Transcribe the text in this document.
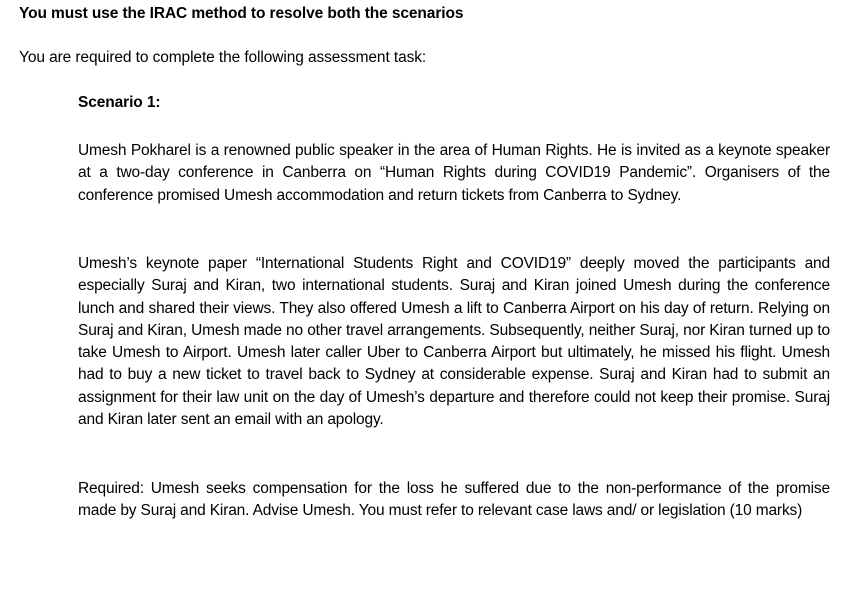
You must use the IRAC method to resolve both the scenarios
You are required to complete the following assessment task:
Scenario 1:

Umesh Pokharel is a renowned public speaker in the area of Human Rights. He is invited as a keynote speaker at a two-day conference in Canberra on “Human Rights during COVID19 Pandemic”. Organisers of the conference promised Umesh accommodation and return tickets from Canberra to Sydney.

Umesh’s keynote paper “International Students Right and COVID19” deeply moved the participants and especially Suraj and Kiran, two international students. Suraj and Kiran joined Umesh during the conference lunch and shared their views. They also offered Umesh a lift to Canberra Airport on his day of return. Relying on Suraj and Kiran, Umesh made no other travel arrangements. Subsequently, neither Suraj, nor Kiran turned up to take Umesh to Airport. Umesh later caller Uber to Canberra Airport but ultimately, he missed his flight. Umesh had to buy a new ticket to travel back to Sydney at considerable expense. Suraj and Kiran had to submit an assignment for their law unit on the day of Umesh’s departure and therefore could not keep their promise. Suraj and Kiran later sent an email with an apology.

Required: Umesh seeks compensation for the loss he suffered due to the non-performance of the promise made by Suraj and Kiran. Advise Umesh. You must refer to relevant case laws and/ or legislation (10 marks)
